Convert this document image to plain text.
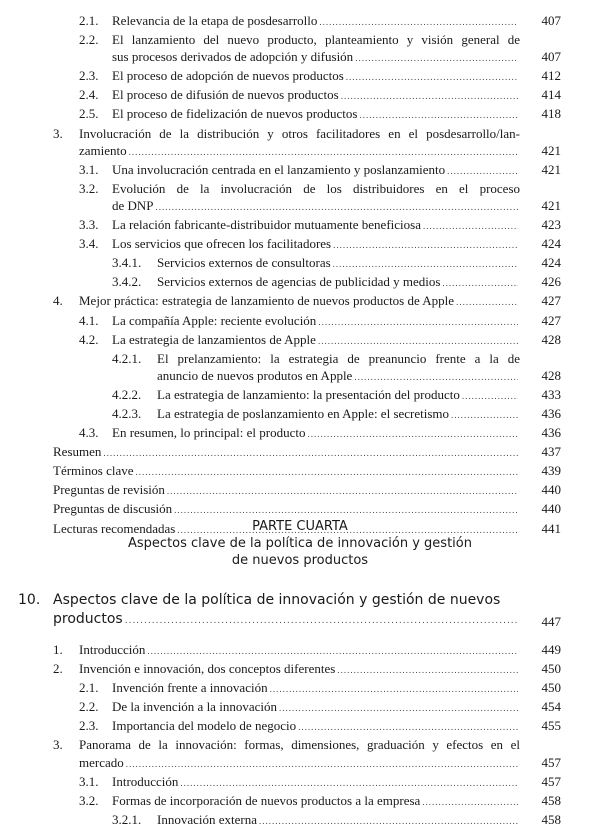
2.1. Relevancia de la etapa de posdesarrollo .....	407
2.2. El lanzamiento del nuevo producto, planteamiento y visión general de
sus procesos derivados de adopción y difusión .....	407
2.3. El proceso de adopción de nuevos productos .....	412
2.4. El proceso de difusión de nuevos productos .....	414
2.5. El proceso de fidelización de nuevos productos .....	418
3. Involucración de la distribución y otros facilitadores en el posdesarrollo/lan-
zamiento .....	421
3.1. Una involucración centrada en el lanzamiento y poslanzamiento .....	421
3.2. Evolución de la involucración de los distribuidores en el proceso
de DNP .....	421
3.3. La relación fabricante-distribuidor mutuamente beneficiosa .....	423
3.4. Los servicios que ofrecen los facilitadores .....	424
3.4.1. Servicios externos de consultoras .....	424
3.4.2. Servicios externos de agencias de publicidad y medios .....	426
4. Mejor práctica: estrategia de lanzamiento de nuevos productos de Apple .....	427
4.1. La compañía Apple: reciente evolución .....	427
4.2. La estrategia de lanzamientos de Apple .....	428
4.2.1. El prelanzamiento: la estrategia de preanuncio frente a la de
anuncio de nuevos produtos en Apple .....	428
4.2.2. La estrategia de lanzamiento: la presentación del producto .....	433
4.2.3. La estrategia de poslanzamiento en Apple: el secretismo .....	436
4.3. En resumen, lo principal: el producto .....	436
Resumen .....	437
Términos clave .....	439
Preguntas de revisión .....	440
Preguntas de discusión .....	440
Lecturas recomendadas .....	441
PARTE CUARTA
Aspectos clave de la política de innovación y gestión
de nuevos productos
10. Aspectos clave de la política de innovación y gestión de nuevos
productos .....	447
1. Introducción .....	449
2. Invención e innovación, dos conceptos diferentes .....	450
2.1. Invención frente a innovación .....	450
2.2. De la invención a la innovación .....	454
2.3. Importancia del modelo de negocio .....	455
3. Panorama de la innovación: formas, dimensiones, graduación y efectos en el
mercado .....	457
3.1. Introducción .....	457
3.2. Formas de incorporación de nuevos productos a la empresa .....	458
3.2.1. Innovación externa .....	458
